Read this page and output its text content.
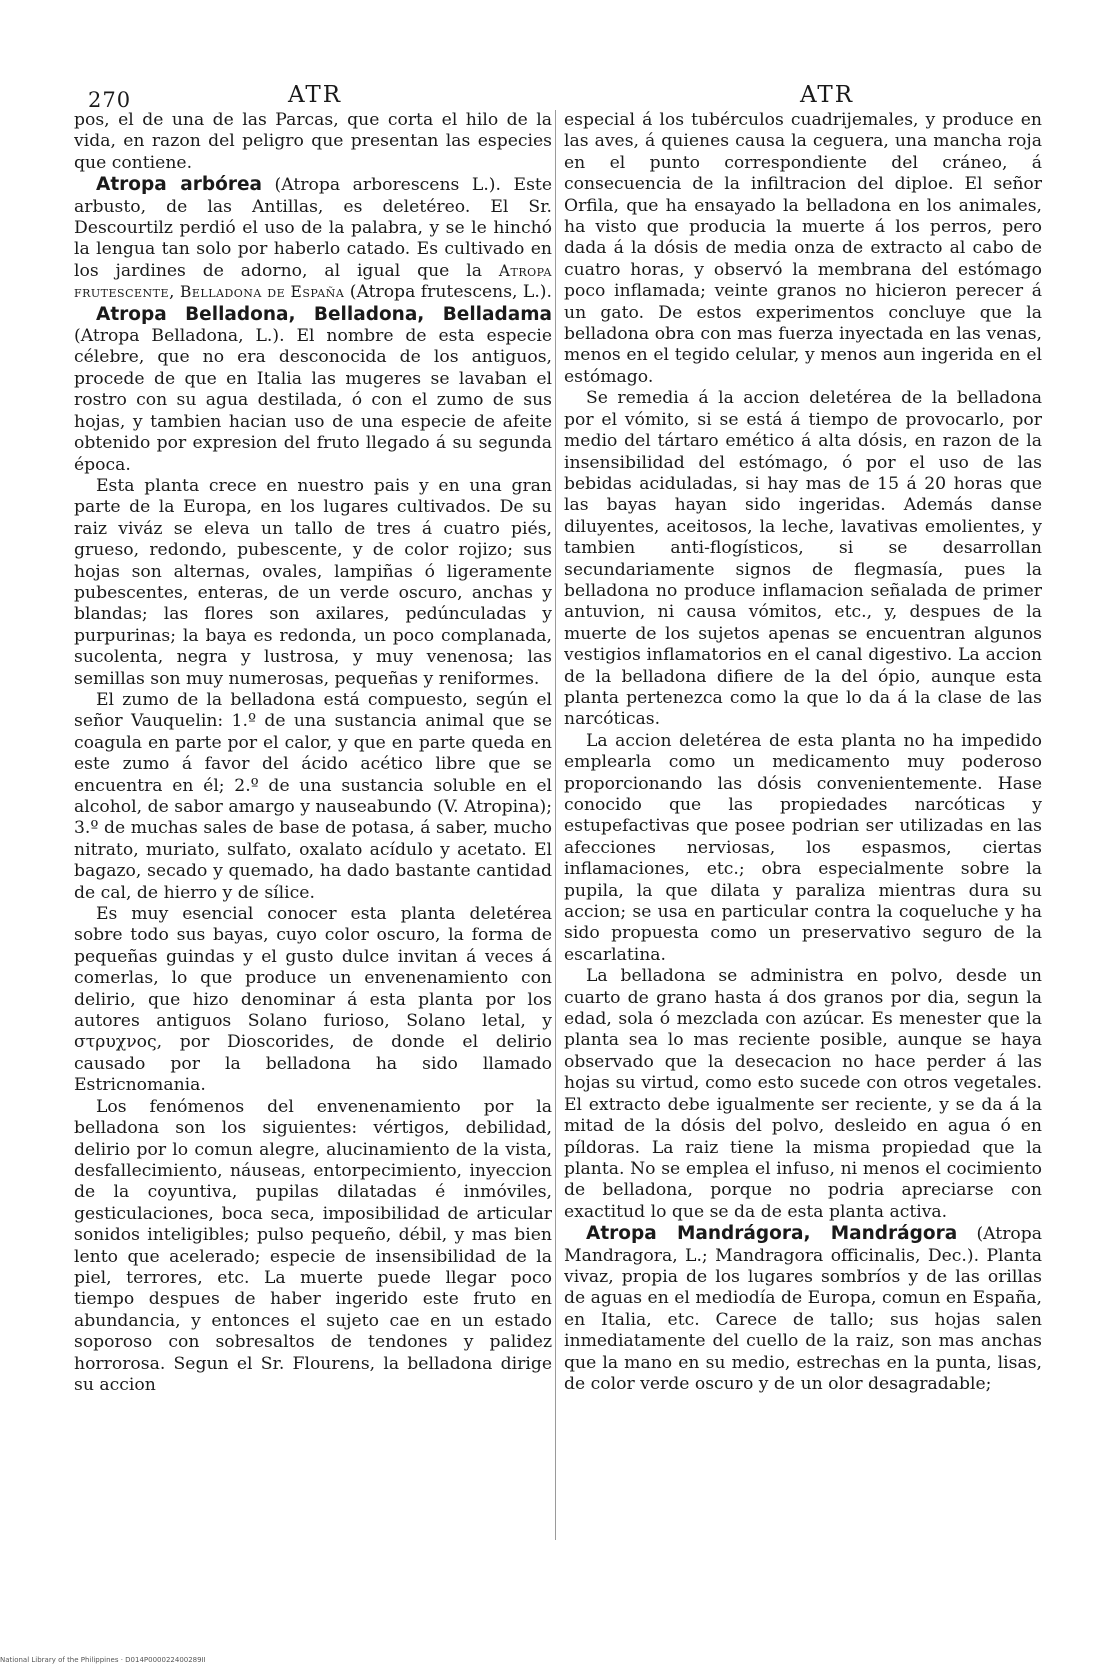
270	ATR	ATR

pos, el de una de las Parcas, que corta el hilo de la vida, en razon del peligro que presentan las especies que contiene.

Atropa arbórea (Atropa arborescens L.). Este arbusto, de las Antillas, es deletéreo. El Sr. Descourtilz perdió el uso de la palabra, y se le hinchó la lengua tan solo por haberlo catado. Es cultivado en los jardines de adorno, al igual que la Atropa frutescente, Belladona de España (Atropa frutescens, L.).

Atropa Belladona, Belladona, Belladama (Atropa Belladona, L.). El nombre de esta especie célebre, que no era desconocida de los antiguos, procede de que en Italia las mugeres se lavaban el rostro con su agua destilada, ó con el zumo de sus hojas, y tambien hacian uso de una especie de afeite obtenido por expresion del fruto llegado á su segunda época.

Esta planta crece en nuestro pais y en una gran parte de la Europa, en los lugares cultivados. De su raiz viváz se eleva un tallo de tres á cuatro piés, grueso, redondo, pubescente, y de color rojizo; sus hojas son alternas, ovales, lampiñas ó ligeramente pubescentes, enteras, de un verde oscuro, anchas y blandas; las flores son axilares, pedúnculadas y purpurinas; la baya es redonda, un poco complanada, sucolenta, negra y lustrosa, y muy venenosa; las semillas son muy numerosas, pequeñas y reniformes.

El zumo de la belladona está compuesto, según el señor Vauquelin: 1.º de una sustancia animal que se coagula en parte por el calor, y que en parte queda en este zumo á favor del ácido acético libre que se encuentra en él; 2.º de una sustancia soluble en el alcohol, de sabor amargo y nauseabundo (V. Atropina); 3.º de muchas sales de base de potasa, á saber, mucho nitrato, muriato, sulfato, oxalato acídulo y acetato. El bagazo, secado y quemado, ha dado bastante cantidad de cal, de hierro y de sílice.

Es muy esencial conocer esta planta deletérea sobre todo sus bayas, cuyo color oscuro, la forma de pequeñas guindas y el gusto dulce invitan á veces á comerlas, lo que produce un envenenamiento con delirio, que hizo denominar á esta planta por los autores antiguos Solano furioso, Solano letal, y στρυχνος, por Dioscorides, de donde el delirio causado por la belladona ha sido llamado Estricnomania.

Los fenómenos del envenenamiento por la belladona son los siguientes: vértigos, debilidad, delirio por lo comun alegre, alucinamiento de la vista, desfallecimiento, náuseas, entorpecimiento, inyeccion de la coyuntiva, pupilas dilatadas é inmóviles, gesticulaciones, boca seca, imposibilidad de articular sonidos inteligibles; pulso pequeño, débil, y mas bien lento que acelerado; especie de insensibilidad de la piel, terrores, etc. La muerte puede llegar poco tiempo despues de haber ingerido este fruto en abundancia, y entonces el sujeto cae en un estado soporoso con sobresaltos de tendones y palidez horrorosa. Segun el Sr. Flourens, la belladona dirige su accion

especial á los tubérculos cuadrijemales, y produce en las aves, á quienes causa la ceguera, una mancha roja en el punto correspondiente del cráneo, á consecuencia de la infiltracion del diploe. El señor Orfila, que ha ensayado la belladona en los animales, ha visto que producia la muerte á los perros, pero dada á la dósis de media onza de extracto al cabo de cuatro horas, y observó la membrana del estómago poco inflamada; veinte granos no hicieron perecer á un gato. De estos experimentos concluye que la belladona obra con mas fuerza inyectada en las venas, menos en el tegido celular, y menos aun ingerida en el estómago.

Se remedia á la accion deletérea de la belladona por el vómito, si se está á tiempo de provocarlo, por medio del tártaro emético á alta dósis, en razon de la insensibilidad del estómago, ó por el uso de las bebidas aciduladas, si hay mas de 15 á 20 horas que las bayas hayan sido ingeridas. Además danse diluyentes, aceitosos, la leche, lavativas emolientes, y tambien anti-flogísticos, si se desarrollan secundariamente signos de flegmasía, pues la belladona no produce inflamacion señalada de primer antuvion, ni causa vómitos, etc., y, despues de la muerte de los sujetos apenas se encuentran algunos vestigios inflamatorios en el canal digestivo. La accion de la belladona difiere de la del ópio, aunque esta planta pertenezca como la que lo da á la clase de las narcóticas.

La accion deletérea de esta planta no ha impedido emplearla como un medicamento muy poderoso proporcionando las dósis convenientemente. Hase conocido que las propiedades narcóticas y estupefactivas que posee podrian ser utilizadas en las afecciones nerviosas, los espasmos, ciertas inflamaciones, etc.; obra especialmente sobre la pupila, la que dilata y paraliza mientras dura su accion; se usa en particular contra la coqueluche y ha sido propuesta como un preservativo seguro de la escarlatina.

La belladona se administra en polvo, desde un cuarto de grano hasta á dos granos por dia, segun la edad, sola ó mezclada con azúcar. Es menester que la planta sea lo mas reciente posible, aunque se haya observado que la desecacion no hace perder á las hojas su virtud, como esto sucede con otros vegetales. El extracto debe igualmente ser reciente, y se da á la mitad de la dósis del polvo, desleido en agua ó en píldoras. La raiz tiene la misma propiedad que la planta. No se emplea el infuso, ni menos el cocimiento de belladona, porque no podria apreciarse con exactitud lo que se da de esta planta activa.

Atropa Mandrágora, Mandrágora (Atropa Mandragora, L.; Mandragora officinalis, Dec.). Planta vivaz, propia de los lugares sombríos y de las orillas de aguas en el mediodía de Europa, comun en España, en Italia, etc. Carece de tallo; sus hojas salen inmediatamente del cuello de la raiz, son mas anchas que la mano en su medio, estrechas en la punta, lisas, de color verde oscuro y de un olor desagradable;

National Library of the Philippines · D014P000022400289II
